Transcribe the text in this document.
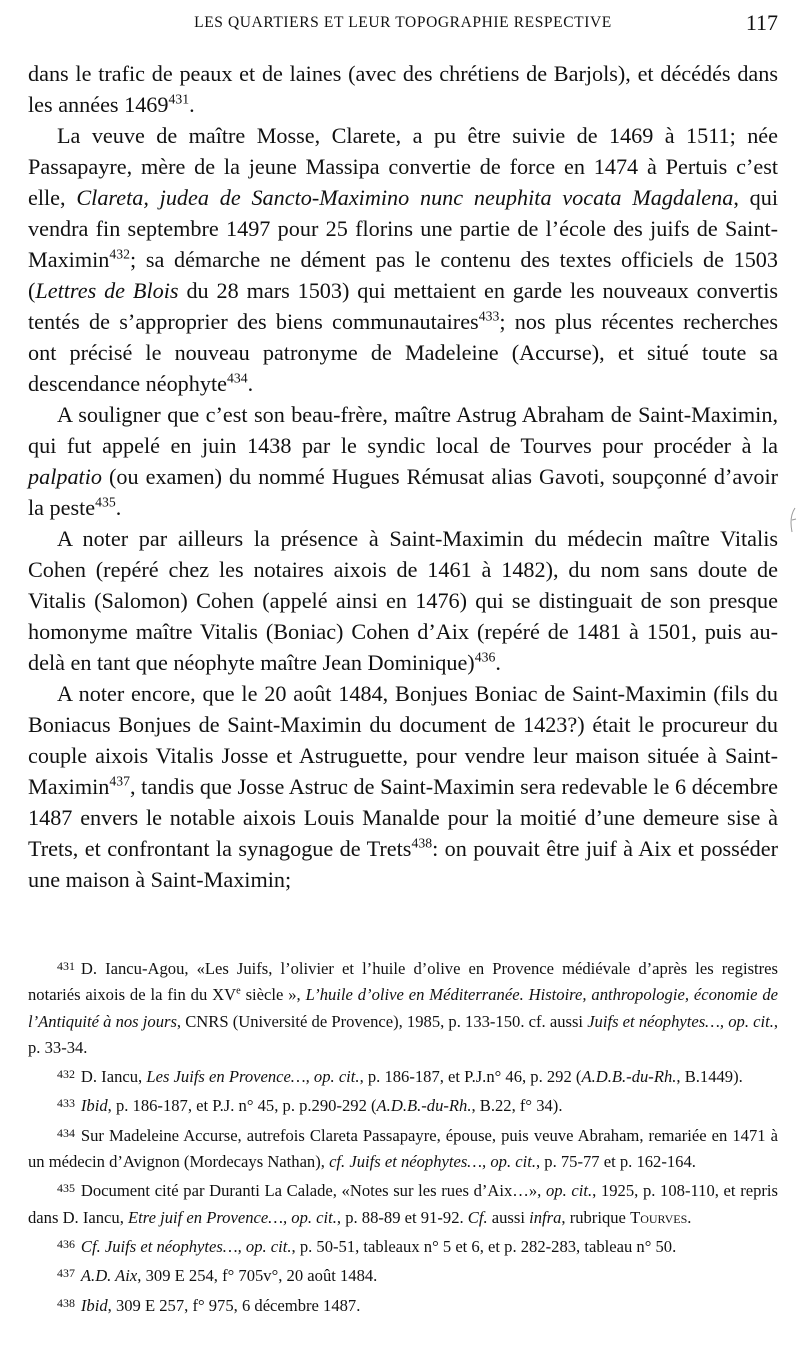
LES QUARTIERS ET LEUR TOPOGRAPHIE RESPECTIVE	117

dans le trafic de peaux et de laines (avec des chrétiens de Barjols), et décédés dans les années 1469$^{431}$.

La veuve de maître Mosse, Clarete, a pu être suivie de 1469 à 1511; née Passapayre, mère de la jeune Massipa convertie de force en 1474 à Pertuis c’est elle, Clareta, judea de Sancto-Maximino nunc neuphita vocata Magdalena, qui vendra fin septembre 1497 pour 25 florins une partie de l’école des juifs de Saint-Maximin$^{432}$; sa démarche ne dément pas le contenu des textes officiels de 1503 (Lettres de Blois du 28 mars 1503) qui mettaient en garde les nouveaux convertis tentés de s’approprier des biens communautaires$^{433}$; nos plus récentes recherches ont précisé le nouveau patronyme de Madeleine (Accurse), et situé toute sa descendance néophyte$^{434}$.

A souligner que c’est son beau-frère, maître Astrug Abraham de Saint-Maximin, qui fut appelé en juin 1438 par le syndic local de Tourves pour procéder à la palpatio (ou examen) du nommé Hugues Rémusat alias Gavoti, soupçonné d’avoir la peste$^{435}$.

A noter par ailleurs la présence à Saint-Maximin du médecin maître Vitalis Cohen (repéré chez les notaires aixois de 1461 à 1482), du nom sans doute de Vitalis (Salomon) Cohen (appelé ainsi en 1476) qui se distinguait de son presque homonyme maître Vitalis (Boniac) Cohen d’Aix (repéré de 1481 à 1501, puis au-delà en tant que néophyte maître Jean Dominique)$^{436}$.

A noter encore, que le 20 août 1484, Bonjues Boniac de Saint-Maximin (fils du Boniacus Bonjues de Saint-Maximin du document de 1423?) était le procureur du couple aixois Vitalis Josse et Astruguette, pour vendre leur maison située à Saint-Maximin$^{437}$, tandis que Josse Astruc de Saint-Maximin sera redevable le 6 décembre 1487 envers le notable aixois Louis Manalde pour la moitié d’une demeure sise à Trets, et confrontant la synagogue de Trets$^{438}$: on pouvait être juif à Aix et posséder une maison à Saint-Maximin;

$^{431}$ D. Iancu-Agou, «Les Juifs, l’olivier et l’huile d’olive en Provence médiévale d’après les registres notariés aixois de la fin du XVe siècle », L’huile d’olive en Méditerranée. Histoire, anthropologie, économie de l’Antiquité à nos jours, CNRS (Université de Provence), 1985, p. 133-150. cf. aussi Juifs et néophytes…, op. cit., p. 33-34.

$^{432}$ D. Iancu, Les Juifs en Provence…, op. cit., p. 186-187, et P.J.n° 46, p. 292 (A.D.B.-du-Rh., B.1449).

$^{433}$ Ibid, p. 186-187, et P.J. n° 45, p. p.290-292 (A.D.B.-du-Rh., B.22, f° 34).

$^{434}$ Sur Madeleine Accurse, autrefois Clareta Passapayre, épouse, puis veuve Abraham, remariée en 1471 à un médecin d’Avignon (Mordecays Nathan), cf. Juifs et néophytes…, op. cit., p. 75-77 et p. 162-164.

$^{435}$ Document cité par Duranti La Calade, «Notes sur les rues d’Aix…», op. cit., 1925, p. 108-110, et repris dans D. Iancu, Etre juif en Provence…, op. cit., p. 88-89 et 91-92. Cf. aussi infra, rubrique Tourves.

$^{436}$ Cf. Juifs et néophytes…, op. cit., p. 50-51, tableaux n° 5 et 6, et p. 282-283, tableau n° 50.

$^{437}$ A.D. Aix, 309 E 254, f° 705v°, 20 août 1484.

$^{438}$ Ibid, 309 E 257, f° 975, 6 décembre 1487.
